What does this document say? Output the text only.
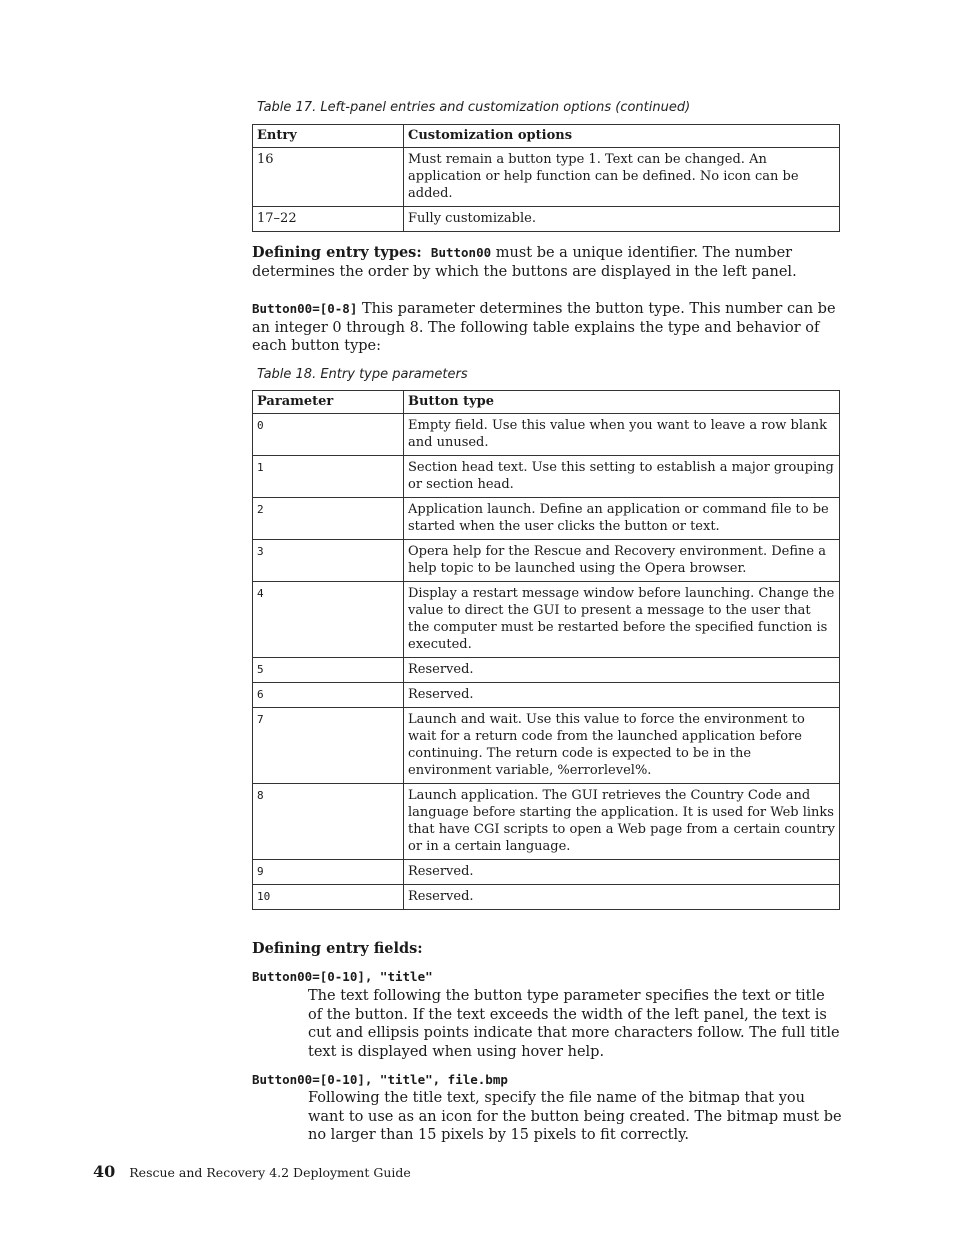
Table 17. Left-panel entries and customization options (continued)
Entry	Customization options
16	Must remain a button type 1. Text can be changed. An application or help function can be defined. No icon can be added.
17–22	Fully customizable.
Defining entry types: Button00 must be a unique identifier. The number determines the order by which the buttons are displayed in the left panel.
Button00=[0-8] This parameter determines the button type. This number can be an integer 0 through 8. The following table explains the type and behavior of each button type:
Table 18. Entry type parameters
Parameter	Button type
0	Empty field. Use this value when you want to leave a row blank and unused.
1	Section head text. Use this setting to establish a major grouping or section head.
2	Application launch. Define an application or command file to be started when the user clicks the button or text.
3	Opera help for the Rescue and Recovery environment. Define a help topic to be launched using the Opera browser.
4	Display a restart message window before launching. Change the value to direct the GUI to present a message to the user that the computer must be restarted before the specified function is executed.
5	Reserved.
6	Reserved.
7	Launch and wait. Use this value to force the environment to wait for a return code from the launched application before continuing. The return code is expected to be in the environment variable, %errorlevel%.
8	Launch application. The GUI retrieves the Country Code and language before starting the application. It is used for Web links that have CGI scripts to open a Web page from a certain country or in a certain language.
9	Reserved.
10	Reserved.
Defining entry fields:
Button00=[0-10], "title"
The text following the button type parameter specifies the text or title of the button. If the text exceeds the width of the left panel, the text is cut and ellipsis points indicate that more characters follow. The full title text is displayed when using hover help.
Button00=[0-10], "title", file.bmp
Following the title text, specify the file name of the bitmap that you want to use as an icon for the button being created. The bitmap must be no larger than 15 pixels by 15 pixels to fit correctly.
40 Rescue and Recovery 4.2 Deployment Guide
